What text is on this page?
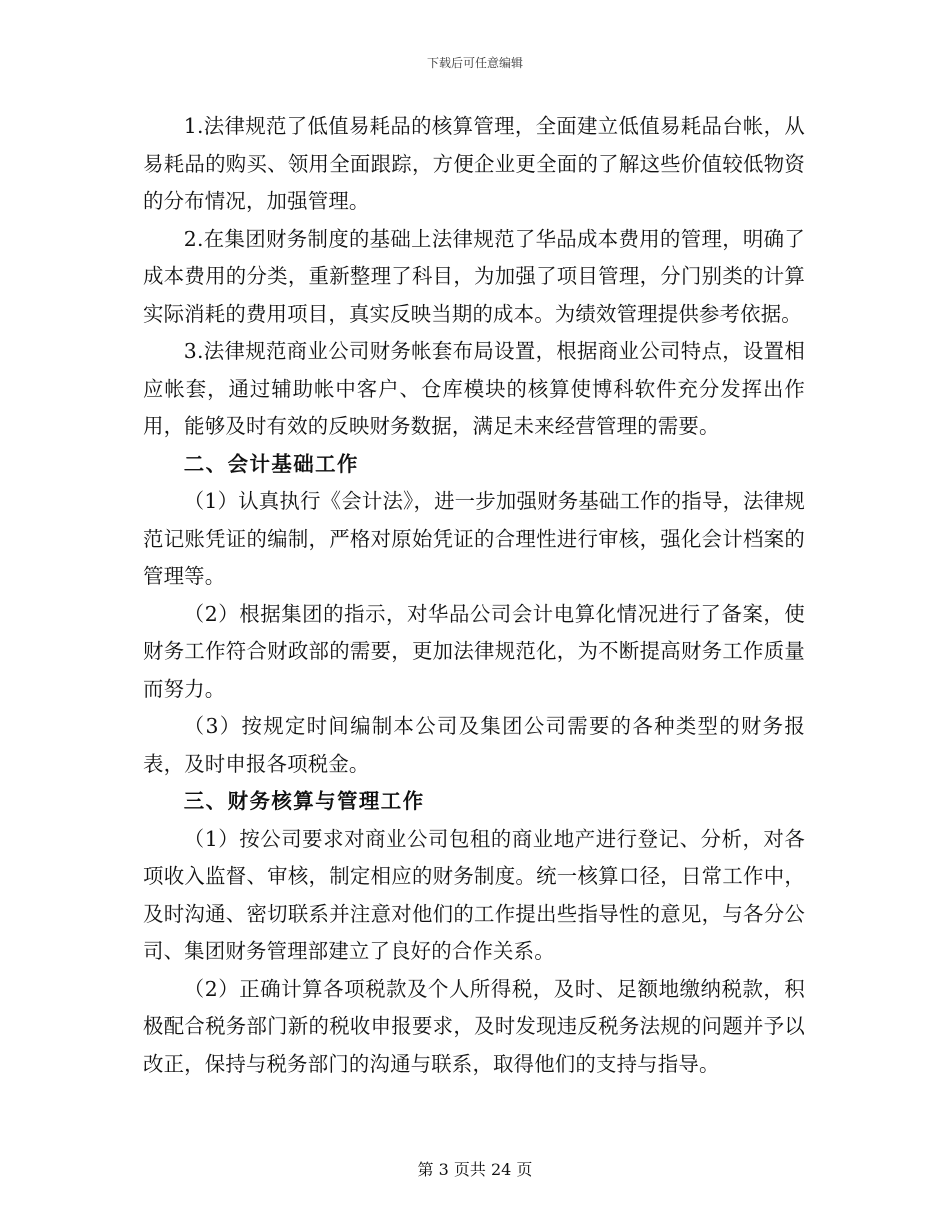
下载后可任意编辑

1.法律规范了低值易耗品的核算管理，全面建立低值易耗品台帐，从易耗品的购买、领用全面跟踪，方便企业更全面的了解这些价值较低物资的分布情况，加强管理。

2.在集团财务制度的基础上法律规范了华品成本费用的管理，明确了成本费用的分类，重新整理了科目，为加强了项目管理，分门别类的计算实际消耗的费用项目，真实反映当期的成本。为绩效管理提供参考依据。

3.法律规范商业公司财务帐套布局设置，根据商业公司特点，设置相应帐套，通过辅助帐中客户、仓库模块的核算使博科软件充分发挥出作用，能够及时有效的反映财务数据，满足未来经营管理的需要。

二、会计基础工作

（1）认真执行《会计法》，进一步加强财务基础工作的指导，法律规范记账凭证的编制，严格对原始凭证的合理性进行审核，强化会计档案的管理等。

（2）根据集团的指示，对华品公司会计电算化情况进行了备案，使财务工作符合财政部的需要，更加法律规范化，为不断提高财务工作质量而努力。

（3）按规定时间编制本公司及集团公司需要的各种类型的财务报表，及时申报各项税金。

三、财务核算与管理工作

（1）按公司要求对商业公司包租的商业地产进行登记、分析，对各项收入监督、审核，制定相应的财务制度。统一核算口径，日常工作中，及时沟通、密切联系并注意对他们的工作提出些指导性的意见，与各分公司、集团财务管理部建立了良好的合作关系。

（2）正确计算各项税款及个人所得税，及时、足额地缴纳税款，积极配合税务部门新的税收申报要求，及时发现违反税务法规的问题并予以改正，保持与税务部门的沟通与联系，取得他们的支持与指导。

第 3 页共 24 页
